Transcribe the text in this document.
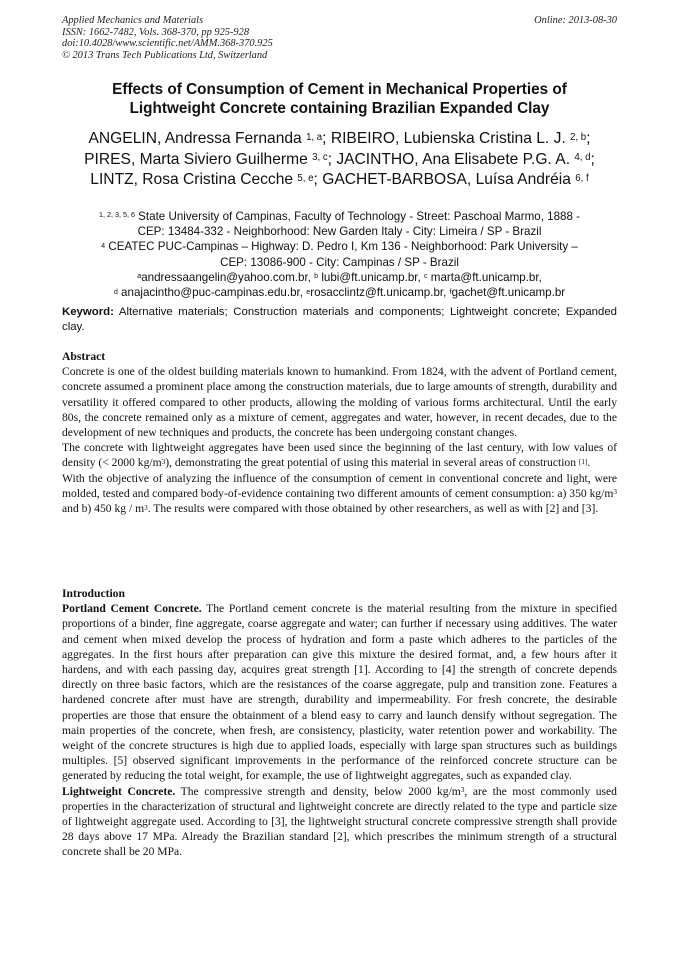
Applied Mechanics and Materials
ISSN: 1662-7482, Vols. 368-370, pp 925-928
doi:10.4028/www.scientific.net/AMM.368-370.925
© 2013 Trans Tech Publications Ltd, Switzerland
Online: 2013-08-30
Effects of Consumption of Cement in Mechanical Properties of
Lightweight Concrete containing Brazilian Expanded Clay
ANGELIN, Andressa Fernanda $^{1, a}$; RIBEIRO, Lubienska Cristina L. J. $^{2, b}$;
PIRES, Marta Siviero Guilherme $^{3, c}$; JACINTHO, Ana Elisabete P.G. A. $^{4, d}$;
LINTZ, Rosa Cristina Cecche $^{5, e}$; GACHET-BARBOSA, Luísa Andréia $^{6, f}$
$^{1, 2, 3, 5, 6}$ State University of Campinas, Faculty of Technology - Street: Paschoal Marmo, 1888 -
CEP: 13484-332 - Neighborhood: New Garden Italy - City: Limeira / SP - Brazil
$^4$ CEATEC PUC-Campinas – Highway: D. Pedro I, Km 136 - Neighborhood: Park University –
CEP: 13086-900 - City: Campinas / SP - Brazil
$^a$andressaangelin@yahoo.com.br, $^b$ lubi@ft.unicamp.br, $^c$ marta@ft.unicamp.br,
$^d$ anajacintho@puc-campinas.edu.br, $^e$rosacclintz@ft.unicamp.br, $^f$gachet@ft.unicamp.br
Keyword: Alternative materials; Construction materials and components; Lightweight concrete; Expanded clay.
Abstract

Concrete is one of the oldest building materials known to humankind. From 1824, with the advent of Portland cement, concrete assumed a prominent place among the construction materials, due to large amounts of strength, durability and versatility it offered compared to other products, allowing the molding of various forms architectural. Until the early 80s, the concrete remained only as a mixture of cement, aggregates and water, however, in recent decades, due to the development of new techniques and products, the concrete has been undergoing constant changes.

The concrete with lightweight aggregates have been used since the beginning of the last century, with low values of density (< 2000 $kg/m^3$), demonstrating the great potential of using this material in several areas of construction [1].

With the objective of analyzing the influence of the consumption of cement in conventional concrete and light, were molded, tested and compared body-of-evidence containing two different amounts of cement consumption: a) 350 $kg/m^3$ and b) 450 kg / $m^3$. The results were compared with those obtained by other researchers, as well as with [2] and [3].

Introduction

Portland Cement Concrete. The Portland cement concrete is the material resulting from the mixture in specified proportions of a binder, fine aggregate, coarse aggregate and water; can further if necessary using additives. The water and cement when mixed develop the process of hydration and form a paste which adheres to the particles of the aggregates. In the first hours after preparation can give this mixture the desired format, and, a few hours after it hardens, and with each passing day, acquires great strength [1]. According to [4] the strength of concrete depends directly on three basic factors, which are the resistances of the coarse aggregate, pulp and transition zone. Features a hardened concrete after must have are strength, durability and impermeability. For fresh concrete, the desirable properties are those that ensure the obtainment of a blend easy to carry and launch densify without segregation. The main properties of the concrete, when fresh, are consistency, plasticity, water retention power and workability. The weight of the concrete structures is high due to applied loads, especially with large span structures such as buildings multiples. [5] observed significant improvements in the performance of the reinforced concrete structure can be generated by reducing the total weight, for example, the use of lightweight aggregates, such as expanded clay.

Lightweight Concrete. The compressive strength and density, below 2000 $kg/m^3$, are the most commonly used properties in the characterization of structural and lightweight concrete are directly related to the type and particle size of lightweight aggregate used. According to [3], the lightweight structural concrete compressive strength shall provide 28 days above 17 MPa. Already the Brazilian standard [2], which prescribes the minimum strength of a structural concrete shall be 20 MPa.
